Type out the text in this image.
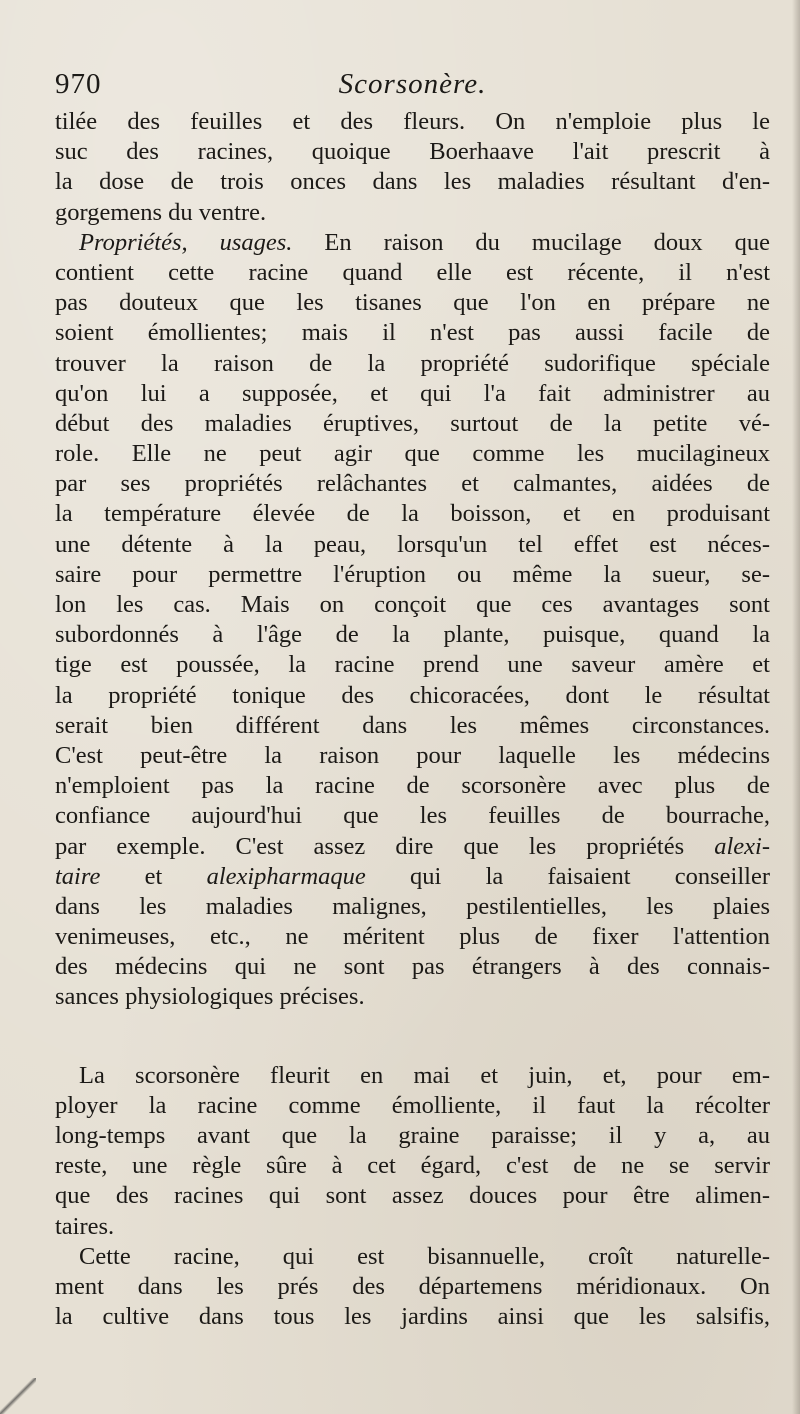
970	Scorsonère.
tilée des feuilles et des fleurs. On n'emploie plus le
suc des racines, quoique Boerhaave l'ait prescrit à
la dose de trois onces dans les maladies résultant d'en-
gorgemens du ventre.
Propriétés, usages. En raison du mucilage doux que
contient cette racine quand elle est récente, il n'est
pas douteux que les tisanes que l'on en prépare ne
soient émollientes; mais il n'est pas aussi facile de
trouver la raison de la propriété sudorifique spéciale
qu'on lui a supposée, et qui l'a fait administrer au
début des maladies éruptives, surtout de la petite vé-
role. Elle ne peut agir que comme les mucilagineux
par ses propriétés relâchantes et calmantes, aidées de
la température élevée de la boisson, et en produisant
une détente à la peau, lorsqu'un tel effet est néces-
saire pour permettre l'éruption ou même la sueur, se-
lon les cas. Mais on conçoit que ces avantages sont
subordonnés à l'âge de la plante, puisque, quand la
tige est poussée, la racine prend une saveur amère et
la propriété tonique des chicoracées, dont le résultat
serait bien différent dans les mêmes circonstances.
C'est peut-être la raison pour laquelle les médecins
n'emploient pas la racine de scorsonère avec plus de
confiance aujourd'hui que les feuilles de bourrache,
par exemple. C'est assez dire que les propriétés alexi-
taire et alexipharmaque qui la faisaient conseiller
dans les maladies malignes, pestilentielles, les plaies
venimeuses, etc., ne méritent plus de fixer l'attention
des médecins qui ne sont pas étrangers à des connais-
sances physiologiques précises.
La scorsonère fleurit en mai et juin, et, pour em-
ployer la racine comme émolliente, il faut la récolter
long-temps avant que la graine paraisse; il y a, au
reste, une règle sûre à cet égard, c'est de ne se servir
que des racines qui sont assez douces pour être alimen-
taires.
Cette racine, qui est bisannuelle, croît naturelle-
ment dans les prés des départemens méridionaux. On
la cultive dans tous les jardins ainsi que les salsifis,
